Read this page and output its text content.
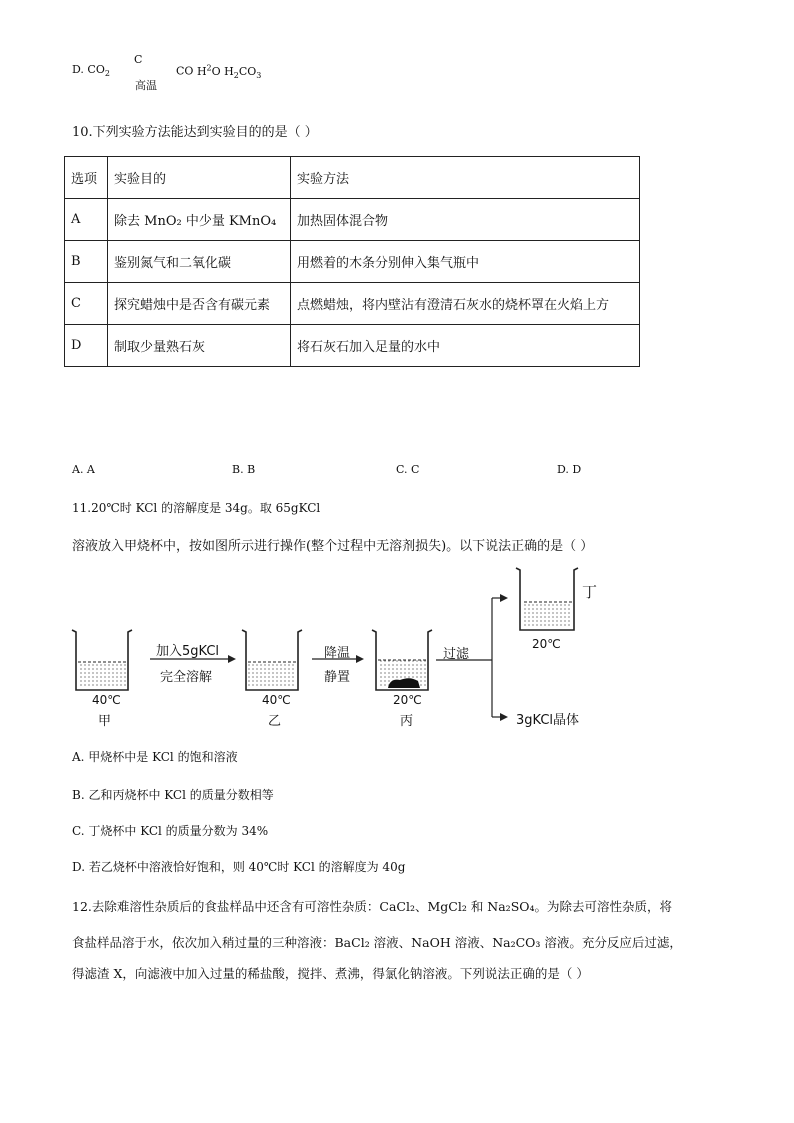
D. $CO_2$
C
高温
CO $H^2O$ $H_2CO_3$
10.下列实验方法能达到实验目的的是（ ）
选项	实验目的	实验方法
A	除去 MnO₂ 中少量 KMnO₄	加热固体混合物
B	鉴别氮气和二氧化碳	用燃着的木条分别伸入集气瓶中
C	探究蜡烛中是否含有碳元素	点燃蜡烛，将内壁沾有澄清石灰水的烧杯罩在火焰上方
D	制取少量熟石灰	将石灰石加入足量的水中
A. A	B. B	C. C	D. D
11.20℃时 KCl 的溶解度是 34g。取 65gKCl
溶液放入甲烧杯中，按如图所示进行操作(整个过程中无溶剂损失)。以下说法正确的是（ ）
加入5gKCl
完全溶解
降温
静置
过滤
40℃
甲
40℃
乙
20℃
丙
丁
20℃
3gKCl晶体
A. 甲烧杯中是 KCl 的饱和溶液
B. 乙和丙烧杯中 KCl 的质量分数相等
C. 丁烧杯中 KCl 的质量分数为 34%
D. 若乙烧杯中溶液恰好饱和，则 40℃时 KCl 的溶解度为 40g
12.去除难溶性杂质后的食盐样品中还含有可溶性杂质：CaCl₂、MgCl₂ 和 Na₂SO₄。为除去可溶性杂质，将
食盐样品溶于水，依次加入稍过量的三种溶液：BaCl₂ 溶液、NaOH 溶液、Na₂CO₃ 溶液。充分反应后过滤，
得滤渣 X，向滤液中加入过量的稀盐酸，搅拌、煮沸，得氯化钠溶液。下列说法正确的是（ ）
